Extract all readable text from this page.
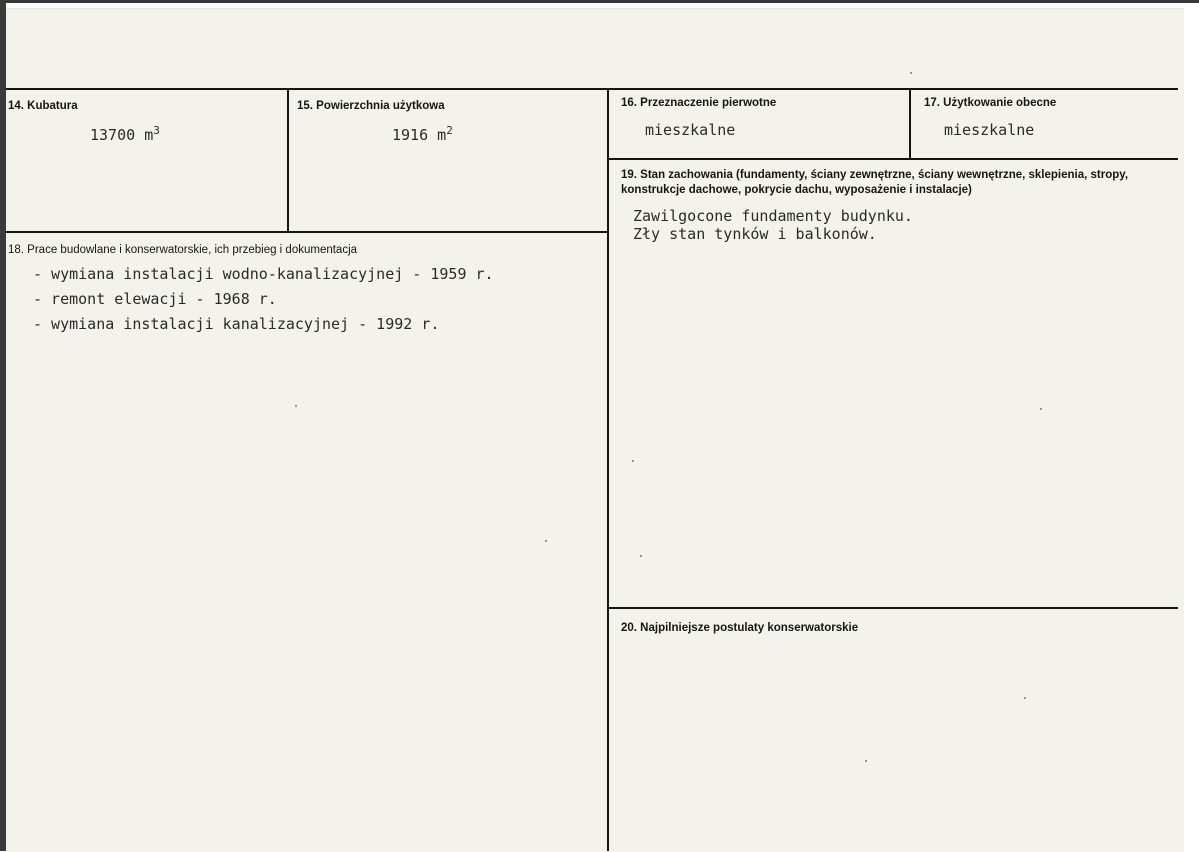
14. Kubatura
13700 $m^3$
15. Powierzchnia użytkowa
1916 $m^2$
16. Przeznaczenie pierwotne
mieszkalne
17. Użytkowanie obecne
mieszkalne
19. Stan zachowania (fundamenty, ściany zewnętrzne, ściany wewnętrzne, sklepienia, stropy, konstrukcje dachowe, pokrycie dachu, wyposażenie i instalacje)
Zawilgocone fundamenty budynku.
Zły stan tynków i balkonów.
18. Prace budowlane i konserwatorskie, ich przebieg i dokumentacja
- wymiana instalacji wodno-kanalizacyjnej - 1959 r.
- remont elewacji - 1968 r.
- wymiana instalacji kanalizacyjnej - 1992 r.
20. Najpilniejsze postulaty konserwatorskie
